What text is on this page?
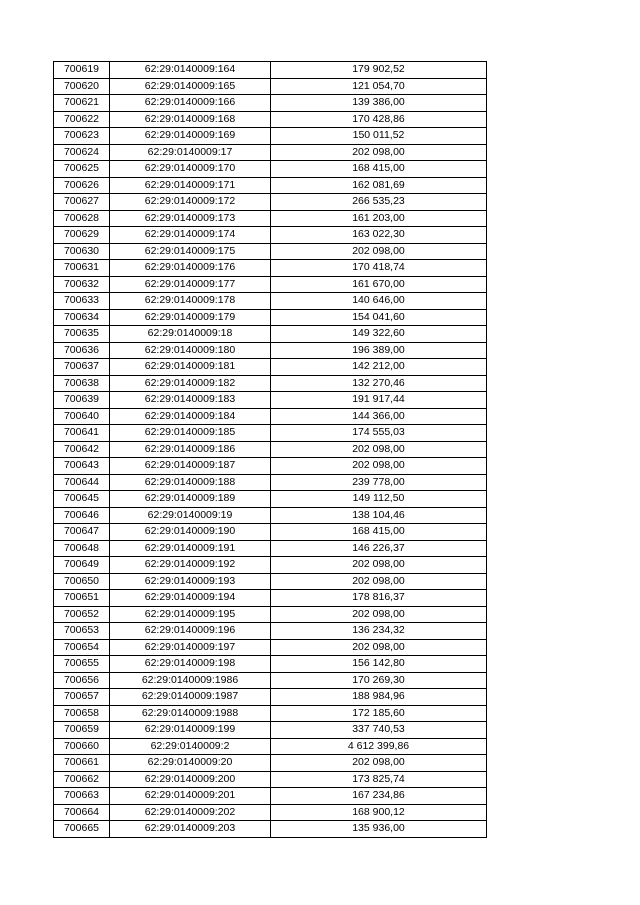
700619	62:29:0140009:164	179 902,52
700620	62:29:0140009:165	121 054,70
700621	62:29:0140009:166	139 386,00
700622	62:29:0140009:168	170 428,86
700623	62:29:0140009:169	150 011,52
700624	62:29:0140009:17	202 098,00
700625	62:29:0140009:170	168 415,00
700626	62:29:0140009:171	162 081,69
700627	62:29:0140009:172	266 535,23
700628	62:29:0140009:173	161 203,00
700629	62:29:0140009:174	163 022,30
700630	62:29:0140009:175	202 098,00
700631	62:29:0140009:176	170 418,74
700632	62:29:0140009:177	161 670,00
700633	62:29:0140009:178	140 646,00
700634	62:29:0140009:179	154 041,60
700635	62:29:0140009:18	149 322,60
700636	62:29:0140009:180	196 389,00
700637	62:29:0140009:181	142 212,00
700638	62:29:0140009:182	132 270,46
700639	62:29:0140009:183	191 917,44
700640	62:29:0140009:184	144 366,00
700641	62:29:0140009:185	174 555,03
700642	62:29:0140009:186	202 098,00
700643	62:29:0140009:187	202 098,00
700644	62:29:0140009:188	239 778,00
700645	62:29:0140009:189	149 112,50
700646	62:29:0140009:19	138 104,46
700647	62:29:0140009:190	168 415,00
700648	62:29:0140009:191	146 226,37
700649	62:29:0140009:192	202 098,00
700650	62:29:0140009:193	202 098,00
700651	62:29:0140009:194	178 816,37
700652	62:29:0140009:195	202 098,00
700653	62:29:0140009:196	136 234,32
700654	62:29:0140009:197	202 098,00
700655	62:29:0140009:198	156 142,80
700656	62:29:0140009:1986	170 269,30
700657	62:29:0140009:1987	188 984,96
700658	62:29:0140009:1988	172 185,60
700659	62:29:0140009:199	337 740,53
700660	62:29:0140009:2	4 612 399,86
700661	62:29:0140009:20	202 098,00
700662	62:29:0140009:200	173 825,74
700663	62:29:0140009:201	167 234,86
700664	62:29:0140009:202	168 900,12
700665	62:29:0140009:203	135 936,00
